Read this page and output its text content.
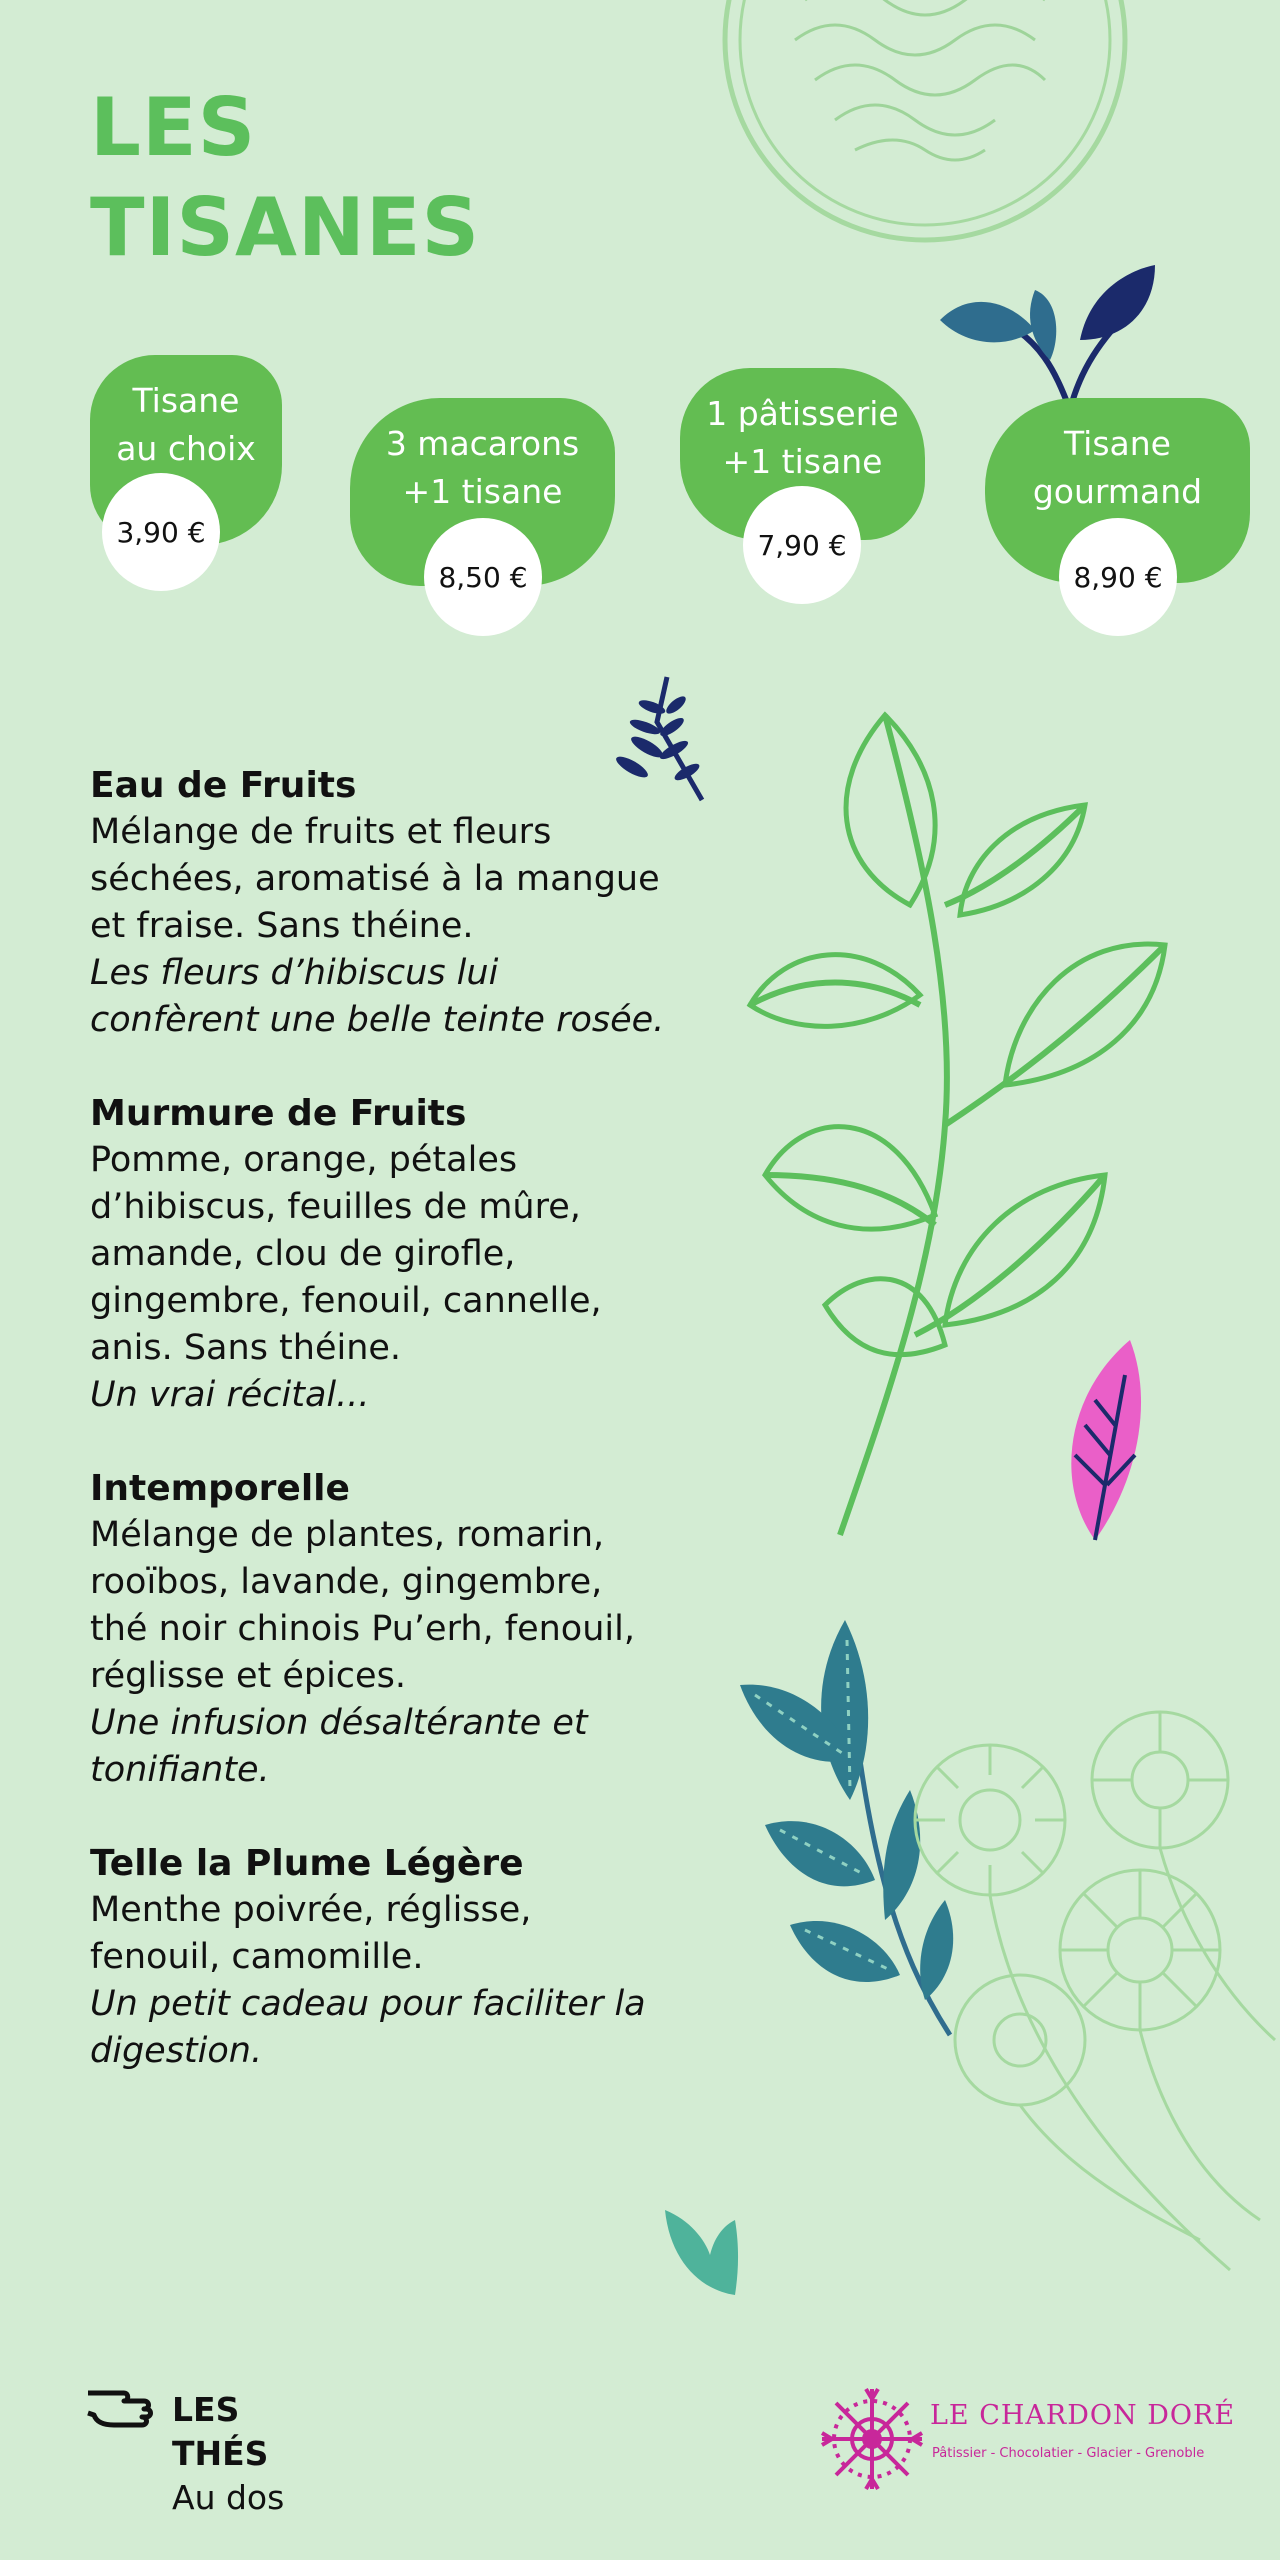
LES
TISANES
Tisane
au choix
3,90 €
3 macarons
+1 tisane
8,50 €
1 pâtisserie
+1 tisane
7,90 €
Tisane
gourmand
8,90 €
Eau de Fruits
Mélange de fruits et fleurs séchées, aromatisé à la mangue et fraise. Sans théine.
Les fleurs d’hibiscus lui confèrent une belle teinte rosée.
Murmure de Fruits
Pomme, orange, pétales d’hibiscus, feuilles de mûre, amande, clou de girofle, gingembre, fenouil, cannelle, anis. Sans théine.
Un vrai récital...
Intemporelle
Mélange de plantes, romarin, rooïbos, lavande, gingembre, thé noir chinois Pu’erh, fenouil, réglisse et épices.
Une infusion désaltérante et tonifiante.
Telle la Plume Légère
Menthe poivrée, réglisse, fenouil, camomille.
Un petit cadeau pour faciliter la digestion.
LES
THÉS
Au dos
LE CHARDON DORÉ
Pâtissier - Chocolatier - Glacier - Grenoble
